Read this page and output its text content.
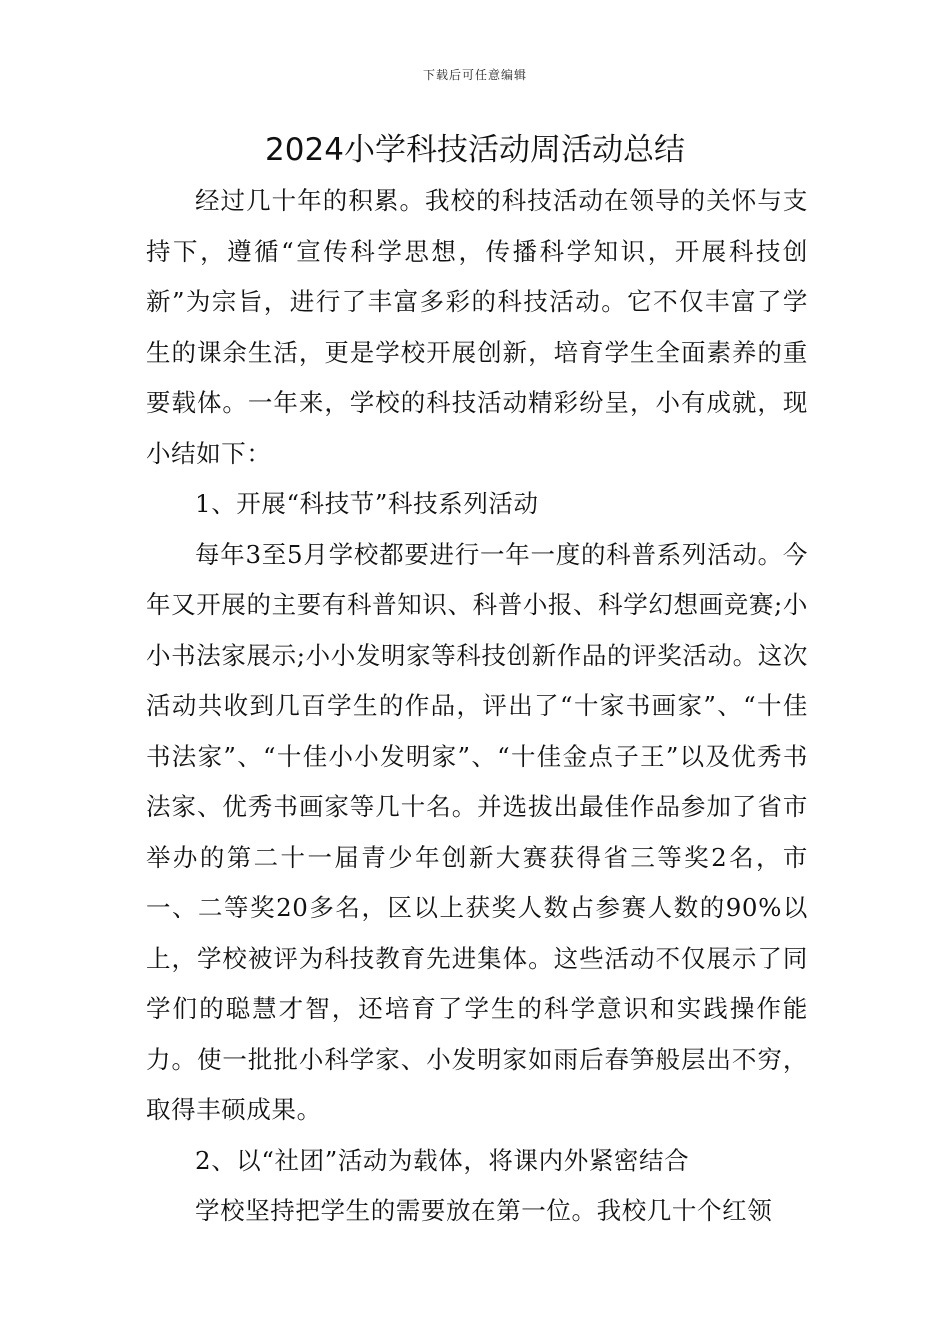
下载后可任意编辑
2024小学科技活动周活动总结

经过几十年的积累。我校的科技活动在领导的关怀与支持下，遵循“宣传科学思想，传播科学知识，开展科技创新”为宗旨，进行了丰富多彩的科技活动。它不仅丰富了学生的课余生活，更是学校开展创新，培育学生全面素养的重要载体。一年来，学校的科技活动精彩纷呈，小有成就，现小结如下：

1、开展“科技节”科技系列活动

每年3至5月学校都要进行一年一度的科普系列活动。今年又开展的主要有科普知识、科普小报、科学幻想画竞赛;小小书法家展示;小小发明家等科技创新作品的评奖活动。这次活动共收到几百学生的作品，评出了“十家书画家”、“十佳书法家”、“十佳小小发明家”、“十佳金点子王”以及优秀书法家、优秀书画家等几十名。并选拔出最佳作品参加了省市举办的第二十一届青少年创新大赛获得省三等奖2名，市一、二等奖20多名，区以上获奖人数占参赛人数的90%以上，学校被评为科技教育先进集体。这些活动不仅展示了同学们的聪慧才智，还培育了学生的科学意识和实践操作能力。使一批批小科学家、小发明家如雨后春笋般层出不穷，取得丰硕成果。

2、以“社团”活动为载体，将课内外紧密结合

学校坚持把学生的需要放在第一位。我校几十个红领
